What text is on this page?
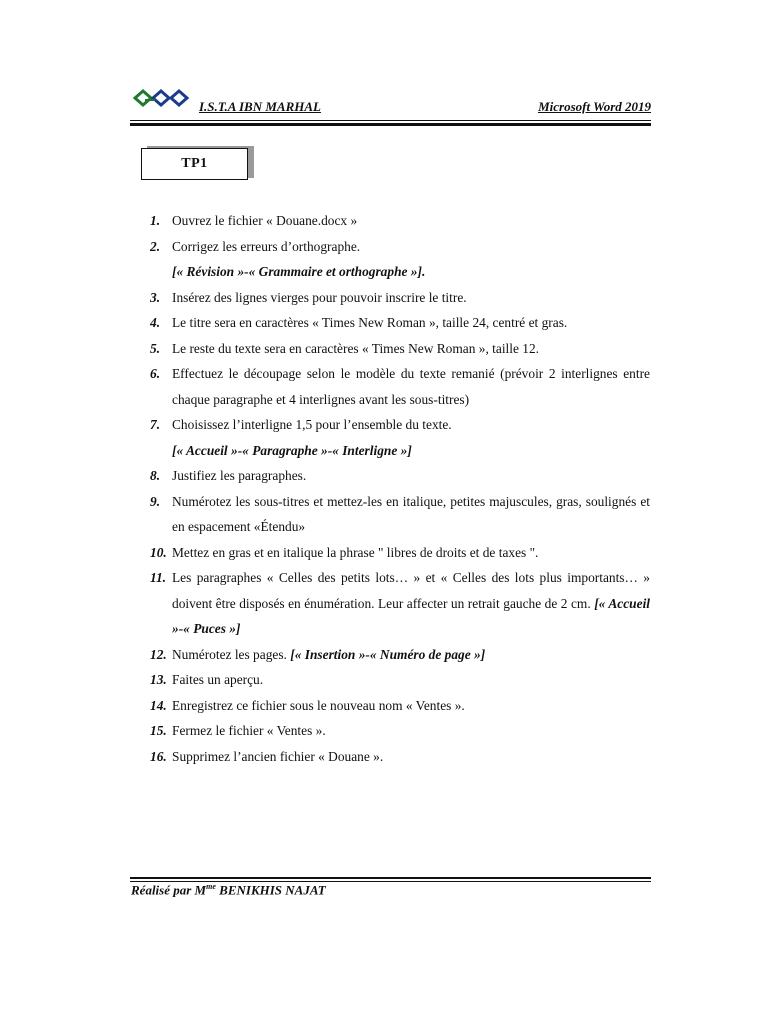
I.S.T.A IBN MARHAL	Microsoft Word 2019
TP1
1. Ouvrez le fichier « Douane.docx »
2. Corrigez les erreurs d’orthographe.
[« Révision »-« Grammaire et orthographe »].
3. Insérez des lignes vierges pour pouvoir inscrire le titre.
4. Le titre sera en caractères « Times New Roman », taille 24, centré et gras.
5. Le reste du texte sera en caractères « Times New Roman », taille 12.
6. Effectuez le découpage selon le modèle du texte remanié (prévoir 2 interlignes entre chaque paragraphe et 4 interlignes avant les sous-titres)
7. Choisissez l’interligne 1,5 pour l’ensemble du texte.
[« Accueil »-« Paragraphe »-« Interligne »]
8. Justifiez les paragraphes.
9. Numérotez les sous-titres et mettez-les en italique, petites majuscules, gras, soulignés et en espacement «Étendu»
10. Mettez en gras et en italique la phrase " libres de droits et de taxes ".
11. Les paragraphes « Celles des petits lots… » et « Celles des lots plus importants… » doivent être disposés en énumération. Leur affecter un retrait gauche de 2 cm. [« Accueil »-« Puces »]
12. Numérotez les pages. [« Insertion »-« Numéro de page »]
13. Faites un aperçu.
14. Enregistrez ce fichier sous le nouveau nom « Ventes ».
15. Fermez le fichier « Ventes ».
16. Supprimez l’ancien fichier « Douane ».
Réalisé par $M^{me}$ BENIKHIS NAJAT
